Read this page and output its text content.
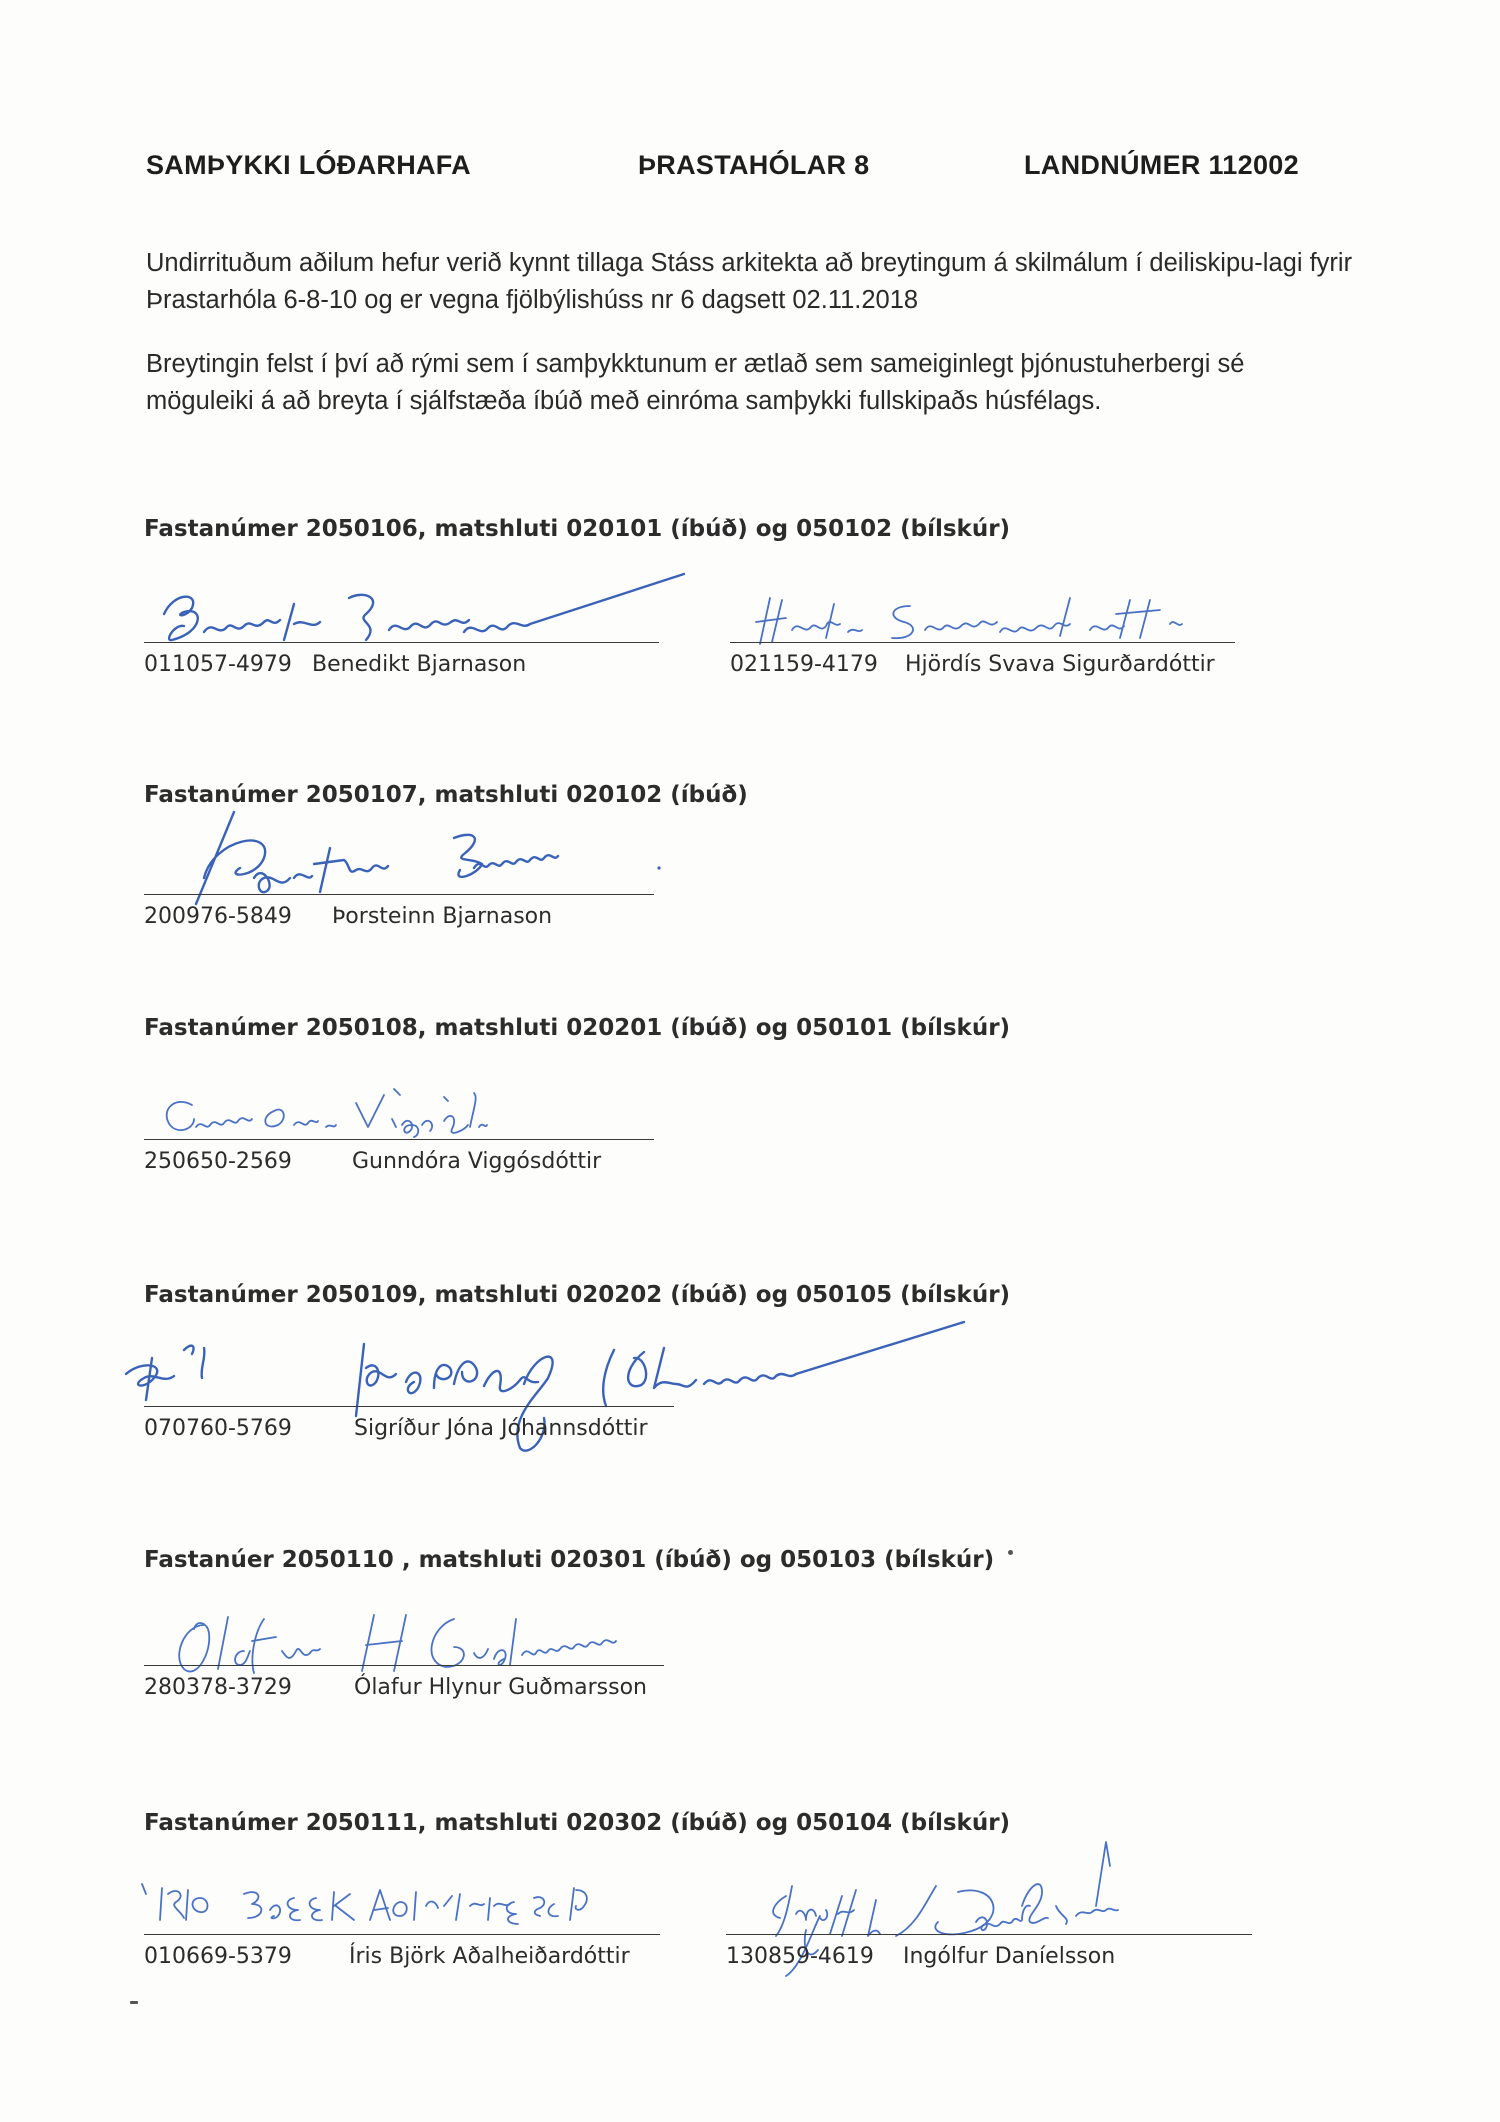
SAMÞYKKI LÓÐARHAFA	ÞRASTAHÓLAR 8	LANDNÚMER 112002
Undirrituðum aðilum hefur verið kynnt tillaga Stáss arkitekta að breytingum á skilmálum í deiliskipu-lagi fyrir Þrastarhóla 6-8-10 og er vegna fjölbýlishúss nr 6 dagsett 02.11.2018
Breytingin felst í því að rými sem í samþykktunum er ætlað sem sameiginlegt þjónustuherbergi sé möguleiki á að breyta í sjálfstæða íbúð með einróma samþykki fullskipaðs húsfélags.
Fastanúmer 2050106, matshluti 020101 (íbúð) og 050102 (bílskúr)
011057-4979 Benedikt Bjarnason	021159-4179 Hjördís Svava Sigurðardóttir
Fastanúmer 2050107, matshluti 020102 (íbúð)
200976-5849 Þorsteinn Bjarnason
Fastanúmer 2050108, matshluti 020201 (íbúð) og 050101 (bílskúr)
250650-2569	Gunndóra Viggósdóttir
Fastanúmer 2050109, matshluti 020202 (íbúð) og 050105 (bílskúr)
070760-5769	Sigríður Jóna Jóhannsdóttir
Fastanúer 2050110 , matshluti 020301 (íbúð) og 050103 (bílskúr)
280378-3729	Ólafur Hlynur Guðmarsson
Fastanúmer 2050111, matshluti 020302 (íbúð) og 050104 (bílskúr)
010669-5379	Íris Björk Aðalheiðardóttir	130859-4619 Ingólfur Daníelsson
